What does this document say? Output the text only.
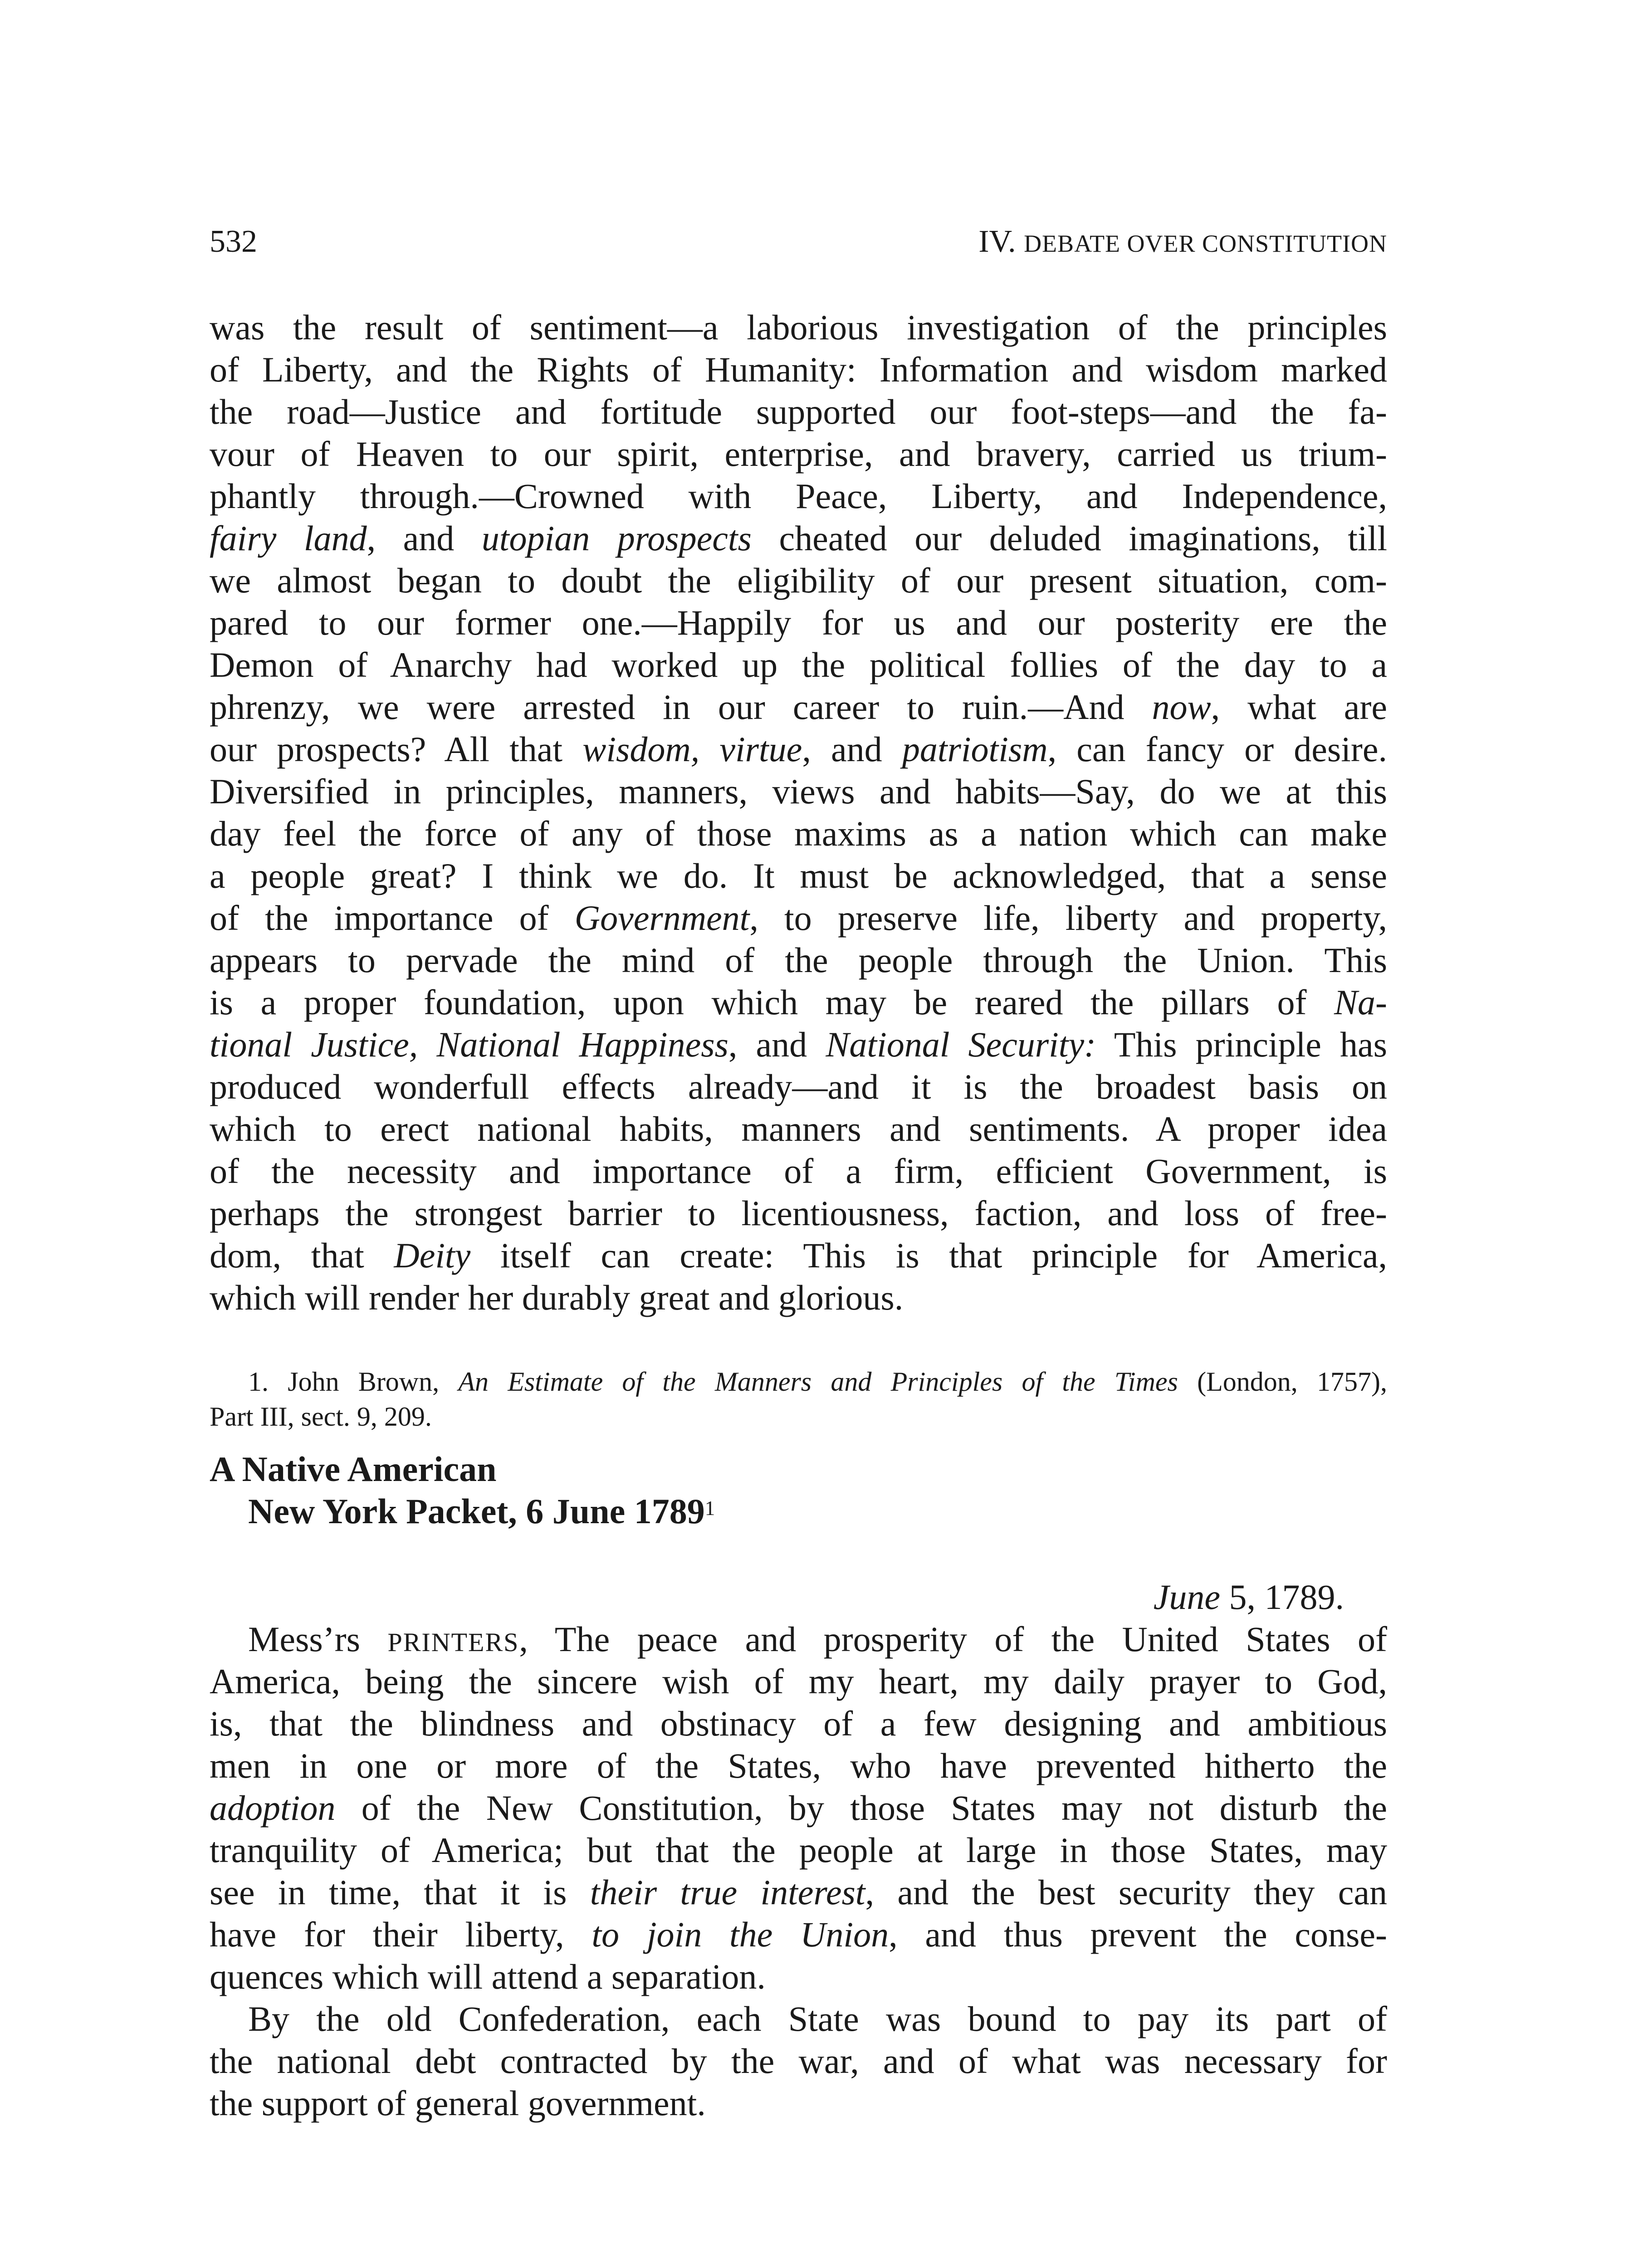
532	IV. DEBATE OVER CONSTITUTION
was the result of sentiment—a laborious investigation of the principles
of Liberty, and the Rights of Humanity: Information and wisdom marked
the road—Justice and fortitude supported our foot-steps—and the fa-
vour of Heaven to our spirit, enterprise, and bravery, carried us trium-
phantly through.—Crowned with Peace, Liberty, and Independence,
fairy land, and utopian prospects cheated our deluded imaginations, till
we almost began to doubt the eligibility of our present situation, com-
pared to our former one.—Happily for us and our posterity ere the
Demon of Anarchy had worked up the political follies of the day to a
phrenzy, we were arrested in our career to ruin.—And now, what are
our prospects? All that wisdom, virtue, and patriotism, can fancy or desire.
Diversified in principles, manners, views and habits—Say, do we at this
day feel the force of any of those maxims as a nation which can make
a people great? I think we do. It must be acknowledged, that a sense
of the importance of Government, to preserve life, liberty and property,
appears to pervade the mind of the people through the Union. This
is a proper foundation, upon which may be reared the pillars of Na-
tional Justice, National Happiness, and National Security: This principle has
produced wonderfull effects already—and it is the broadest basis on
which to erect national habits, manners and sentiments. A proper idea
of the necessity and importance of a firm, efficient Government, is
perhaps the strongest barrier to licentiousness, faction, and loss of free-
dom, that Deity itself can create: This is that principle for America,
which will render her durably great and glorious.
1. John Brown, An Estimate of the Manners and Principles of the Times (London, 1757),
Part III, sect. 9, 209.
A Native American
New York Packet, 6 June 1789$^1$
June 5, 1789.
Mess’rs PRINTERS, The peace and prosperity of the United States of
America, being the sincere wish of my heart, my daily prayer to God,
is, that the blindness and obstinacy of a few designing and ambitious
men in one or more of the States, who have prevented hitherto the
adoption of the New Constitution, by those States may not disturb the
tranquility of America; but that the people at large in those States, may
see in time, that it is their true interest, and the best security they can
have for their liberty, to join the Union, and thus prevent the conse-
quences which will attend a separation.
By the old Confederation, each State was bound to pay its part of
the national debt contracted by the war, and of what was necessary for
the support of general government.
